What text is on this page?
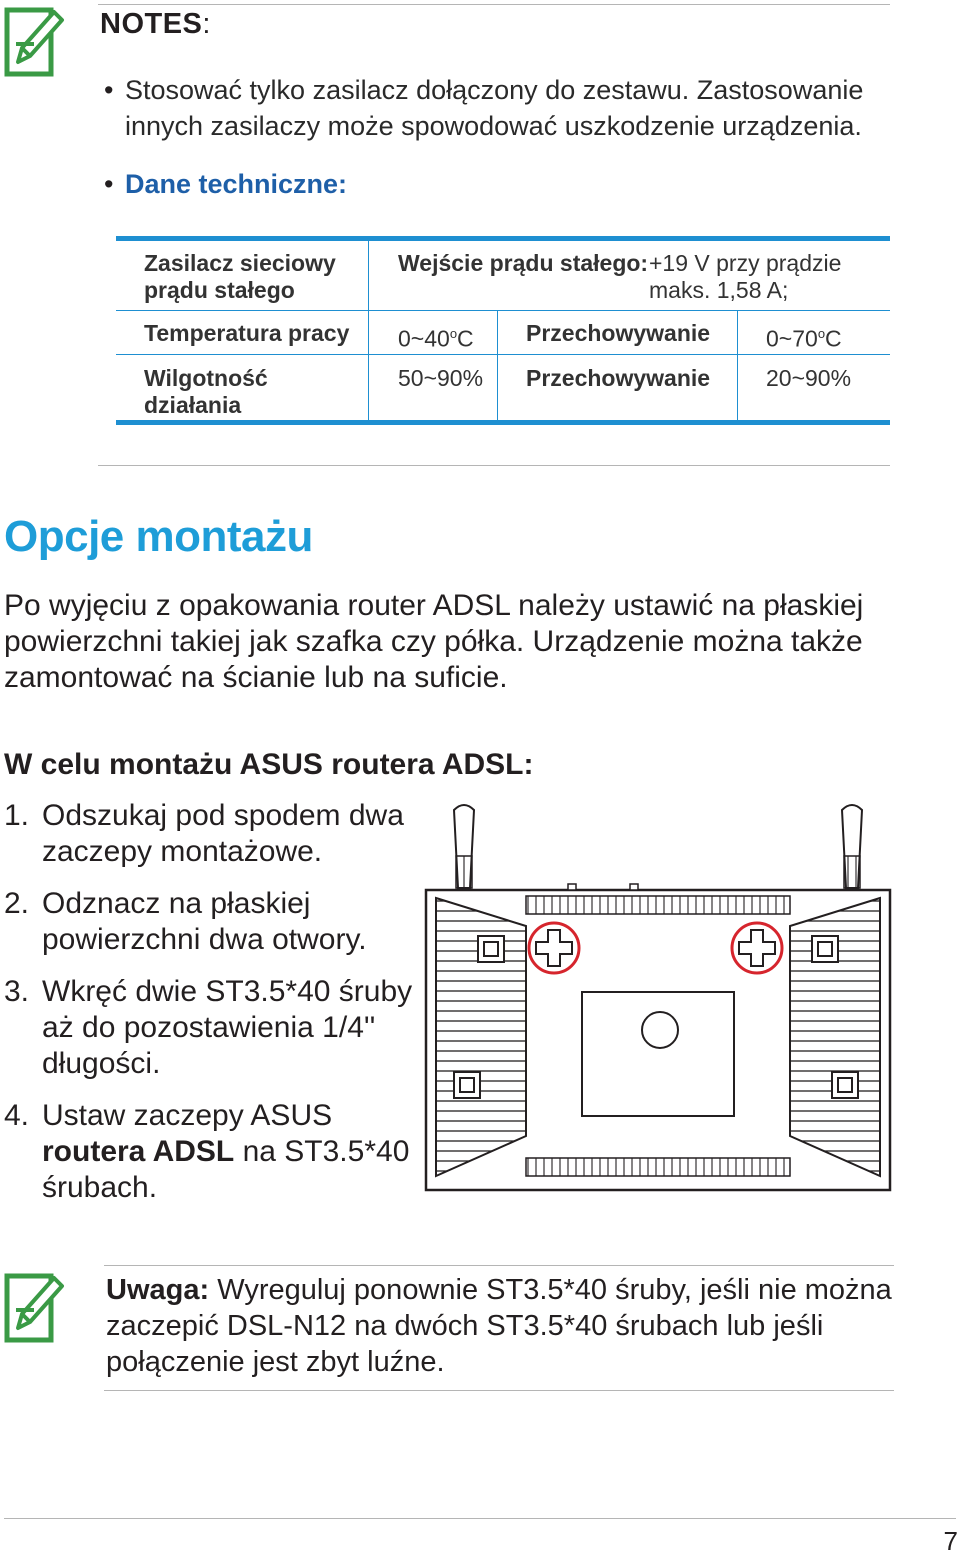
NOTES:
• Stosować tylko zasilacz dołączony do zestawu. Zastosowanie innych zasilaczy może spowodować uszkodzenie urządzenia.
• Dane techniczne:
Zasilacz sieciowy prądu stałego
Wejście prądu stałego: +19 V przy prądzie maks. 1,58 A;
Temperatura pracy 0~40$^o$C Przechowywanie 0~70$^o$C
Wilgotność działania
50~90% Przechowywanie 20~90%
Opcje montażu
Po wyjęciu z opakowania router ADSL należy ustawić na płaskiej powierzchni takiej jak szafka czy półka. Urządzenie można także zamontować na ścianie lub na suficie.
W celu montażu ASUS routera ADSL:
1. Odszukaj pod spodem dwa zaczepy montażowe.
2. Odznacz na płaskiej powierzchni dwa otwory.
3. Wkręć dwie ST3.5*40 śruby aż do pozostawienia 1/4'' długości.
4. Ustaw zaczepy ASUS routera ADSL na ST3.5*40 śrubach.
Uwaga: Wyreguluj ponownie ST3.5*40 śruby, jeśli nie można zaczepić DSL-N12 na dwóch ST3.5*40 śrubach lub jeśli połączenie jest zbyt luźne.
7
